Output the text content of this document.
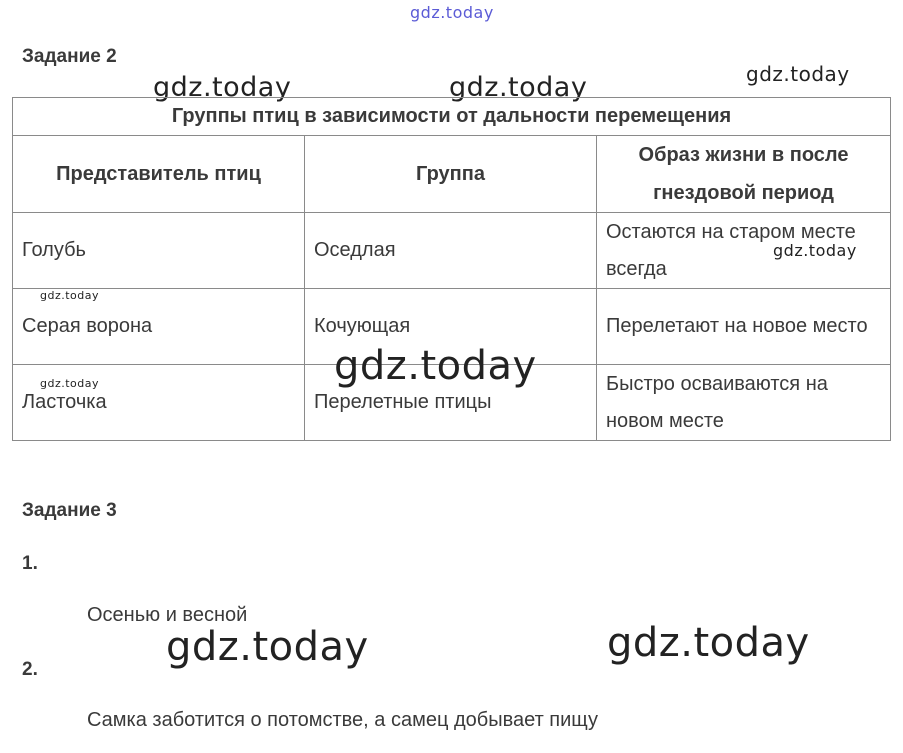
gdz.today
gdz.today	gdz.today	gdz.today
Задание 2
Группы птиц в зависимости от дальности перемещения		
Представитель птиц	Группа	Образ жизни в после гнездовой период
Голубь	Оседлая	Остаются на старом месте всегда
Серая ворона	Кочующая	Перелетают на новое место
Ласточка	Перелетные птицы	Быстро осваиваются на новом месте
gdz.today
gdz.today
gdz.today	gdz.today
Задание 3
1.
Осенью и весной
2.
Самка заботится о потомстве, а самец добывает пищу
gdz.today	gdz.today
